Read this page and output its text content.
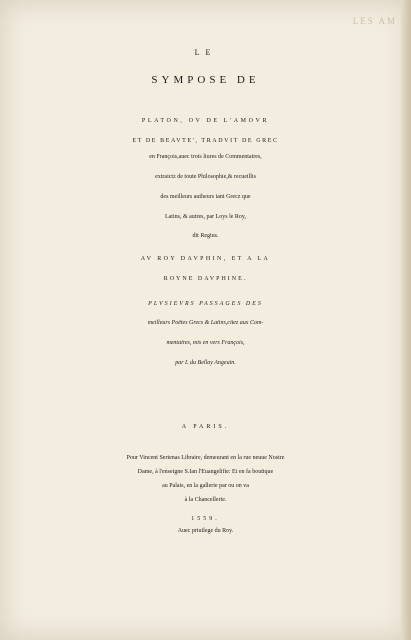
LES AM
LE
SYMPOSE DE
PLATON, OV DE L'AMOVR
ET DE BEAVTE', TRADVIT DE GREC
en François,auec trois liures de Commentaires,
extraictz de toute Philosophie,& recueillis
des meilleurs autheurs tant Grecz que
Latins, & autres, par Loys le Roy,
dit Regius.
AV ROY DAVPHIN, ET A LA
ROYNE DAVPHINE.
PLVSIEVRS PASSAGES DES
meilleurs Poëtes Grecs & Latins,citez aux Com-
mentaires, mis en vers François,
par I. du Bellay Angeuin.
A PARIS.
Pour Vincent Sertenas Libraire, demeurant en la rue neuue Nostre
Dame, à l'enseigne S.Ian l'Euangelifte: Et en fa boutique
au Palais, en la gallerie par ou on va
à la Chancellerie.
1559.
Auec priuilege du Roy.
